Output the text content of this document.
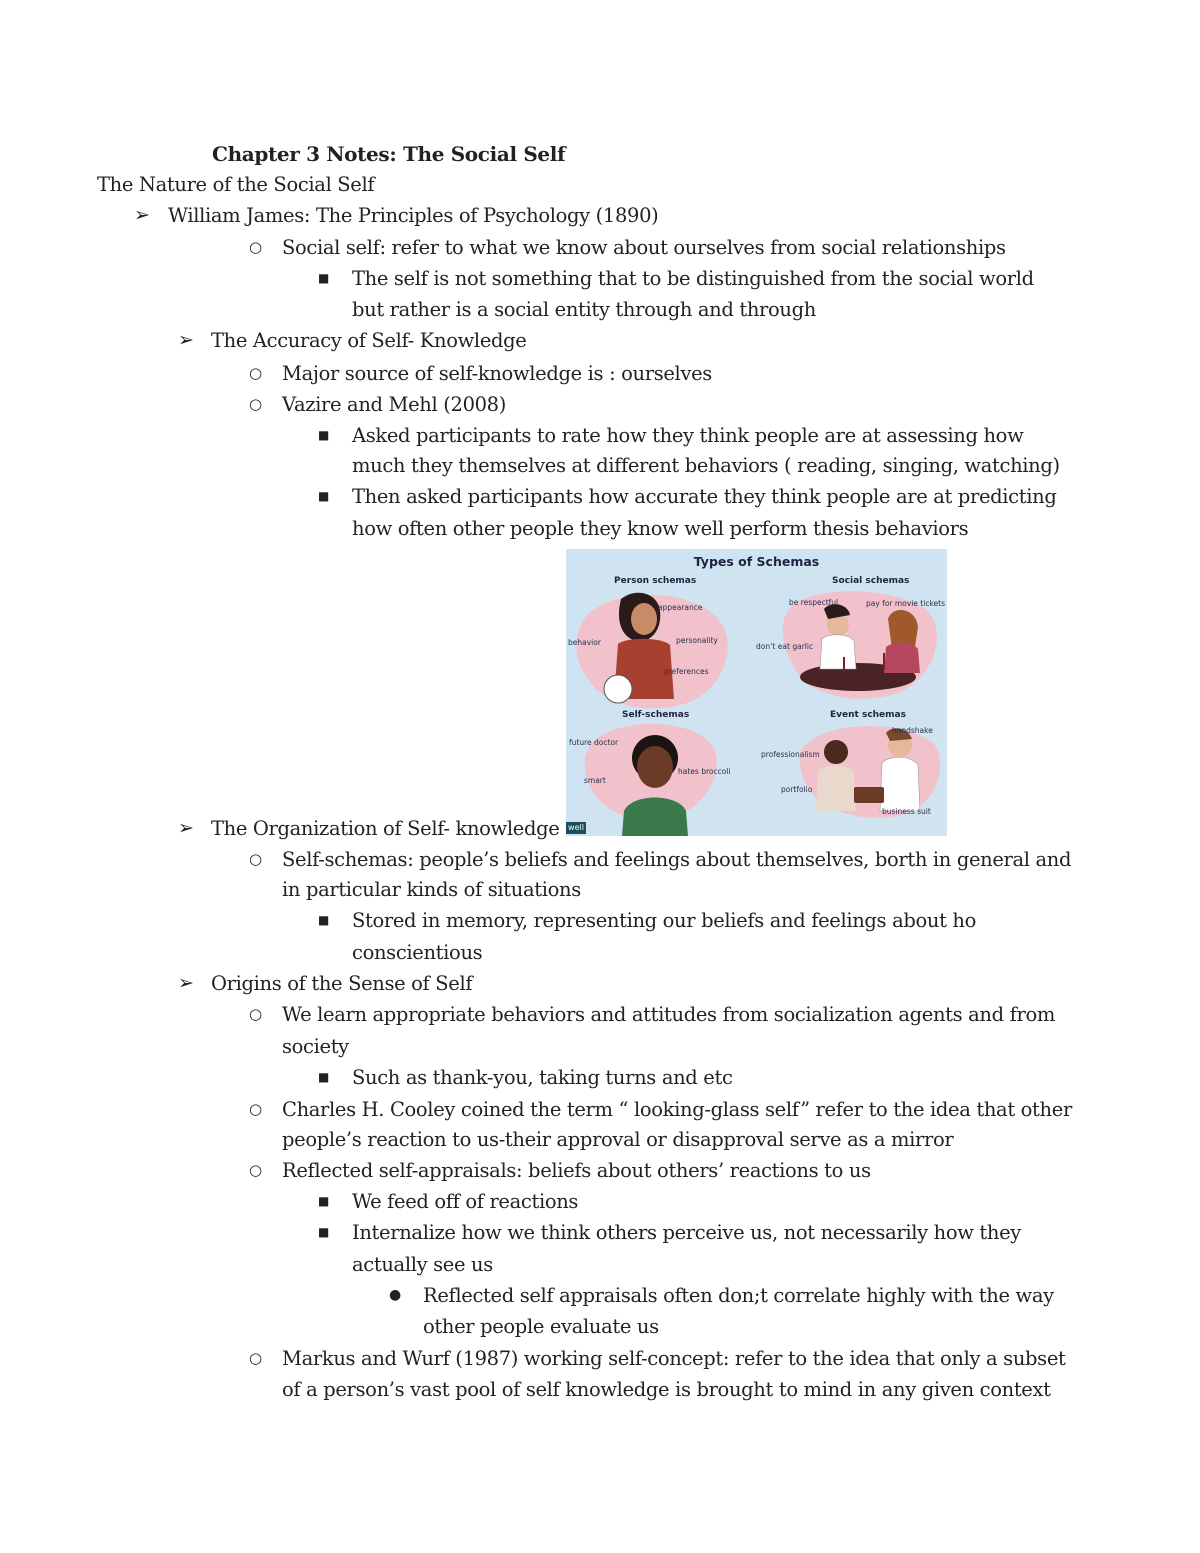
Chapter 3 Notes: The Social Self
The Nature of the Social Self
➢ William James: The Principles of Psychology (1890)
○ Social self: refer to what we know about ourselves from social relationships
■ The self is not something that to be distinguished from the social world
but rather is a social entity through and through
➢ The Accuracy of Self- Knowledge
○ Major source of self-knowledge is : ourselves
○ Vazire and Mehl (2008)
■ Asked participants to rate how they think people are at assessing how
much they themselves at different behaviors ( reading, singing, watching)
■ Then asked participants how accurate they think people are at predicting
how often other people they know well perform thesis behaviors
Types of Schemas
Person schemas	Social schemas
Self-schemas	Event schemas
appearance
behavior	personality
preferences
be respectful	pay for movie tickets
don’t eat garlic
future doctor
smart
hates broccoli
handshake
professionalism
portfolio
business suit
well
➢ The Organization of Self- knowledge
○ Self-schemas: people’s beliefs and feelings about themselves, borth in general and
in particular kinds of situations
■ Stored in memory, representing our beliefs and feelings about ho
conscientious
➢ Origins of the Sense of Self
○ We learn appropriate behaviors and attitudes from socialization agents and from
society
■ Such as thank-you, taking turns and etc
○ Charles H. Cooley coined the term “ looking-glass self” refer to the idea that other
people’s reaction to us-their approval or disapproval serve as a mirror
○ Reflected self-appraisals: beliefs about others’ reactions to us
■ We feed off of reactions
■ Internalize how we think others perceive us, not necessarily how they
actually see us
● Reflected self appraisals often don;t correlate highly with the way
other people evaluate us
○ Markus and Wurf (1987) working self-concept: refer to the idea that only a subset
of a person’s vast pool of self knowledge is brought to mind in any given context
